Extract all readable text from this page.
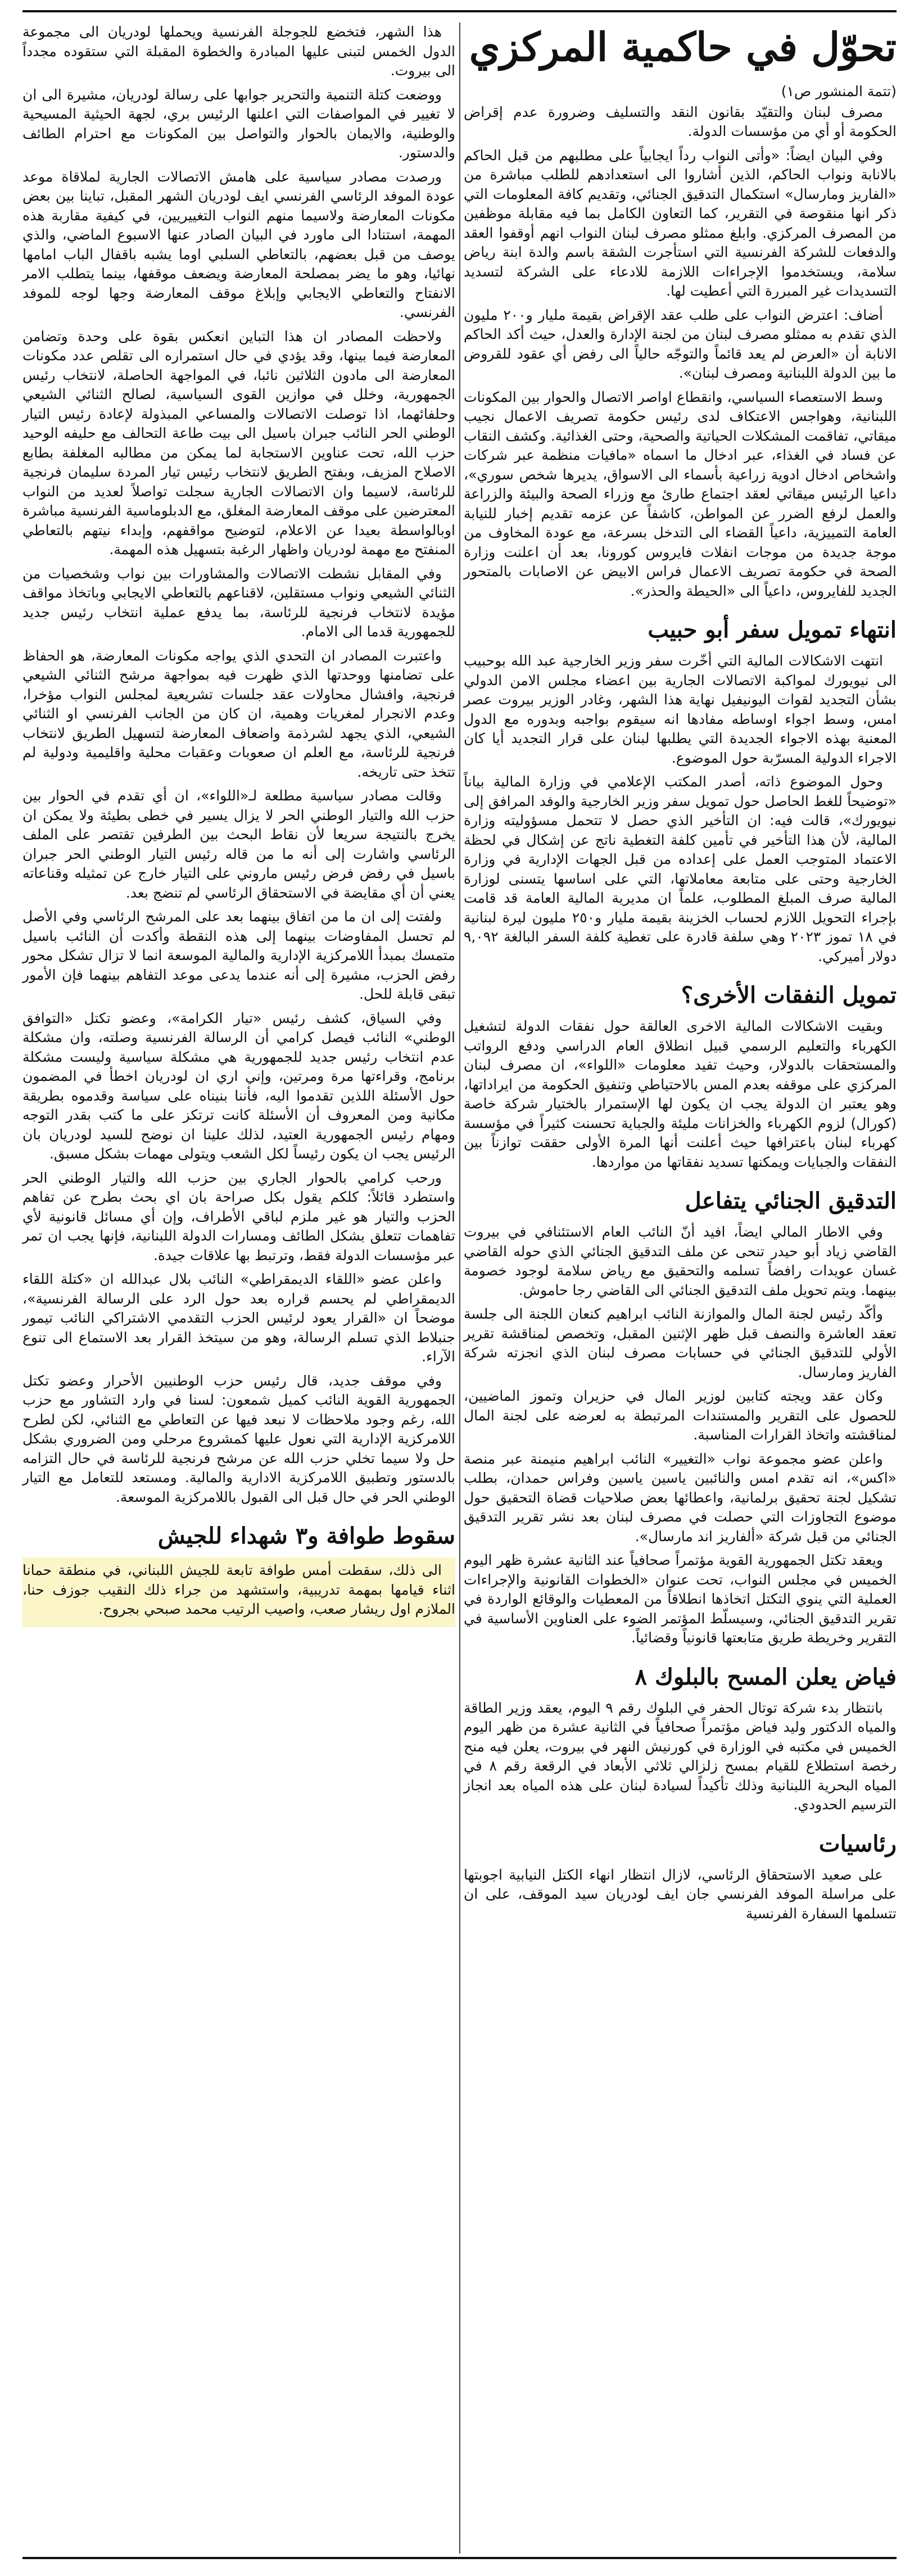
تحوّل في حاكمية المركزي
(تتمة المنشور ص١)

مصرف لبنان والتقيّد بقانون النقد والتسليف وضرورة عدم إقراض الحكومة أو أي من مؤسسات الدولة.

وفي البيان ايضاً: «وأتى النواب رداً ايجابياً على مطلبهم من قبل الحاكم بالانابة ونواب الحاكم، الذين أشاروا الى استعدادهم للطلب مباشرة من «الفاريز ومارسال» استكمال التدقيق الجنائي، وتقديم كافة المعلومات التي ذكر انها منقوصة في التقرير، كما التعاون الكامل بما فيه مقابلة موظفين من المصرف المركزي. وابلغ ممثلو مصرف لبنان النواب انهم أوقفوا العقد والدفعات للشركة الفرنسية التي استأجرت الشقة باسم والدة ابنة رياض سلامة، ويستخدموا الإجراءات اللازمة للادعاء على الشركة لتسديد التسديدات غير المبررة التي أعطيت لها.

أضاف: اعترض النواب على طلب عقد الإقراض بقيمة مليار و٢٠٠ مليون الذي تقدم به ممثلو مصرف لبنان من لجنة الإدارة والعدل، حيث أكد الحاكم الانابة أن «العرض لم يعد قائماً والتوجّه حالياً الى رفض أي عقود للقروض ما بين الدولة اللبنانية ومصرف لبنان».

وسط الاستعصاء السياسي، وانقطاع اواصر الاتصال والحوار بين المكونات اللبنانية، وهواجس الاعتكاف لدى رئيس حكومة تصريف الاعمال نجيب ميقاتي، تفاقمت المشكلات الحياتية والصحية، وحتى الغذائية. وكشف النقاب عن فساد في الغذاء، عبر ادخال ما اسماه «مافيات منظمة عبر شركات واشخاص ادخال ادوية زراعية بأسماء الى الاسواق، يديرها شخص سوري»، داعيا الرئيس ميقاتي لعقد اجتماع طارئ مع وزراء الصحة والبيئة والزراعة والعمل لرفع الضرر عن المواطن، كاشفاً عن عزمه تقديم إخبار للنيابة العامة التمييزية، داعياً القضاء الى التدخل بسرعة، مع عودة المخاوف من موجة جديدة من موجات انفلات فايروس كورونا، بعد أن اعلنت وزارة الصحة في حكومة تصريف الاعمال فراس الابيض عن الاصابات بالمتحور الجديد للفايروس، داعياً الى «الحيطة والحذر».

انتهاء تمويل سفر أبو حبيب

انتهت الاشكالات المالية التي أخّرت سفر وزير الخارجية عبد الله بوحبيب الى نيويورك لمواكبة الاتصالات الجارية بين اعضاء مجلس الامن الدولي بشأن التجديد لقوات اليونيفيل نهاية هذا الشهر، وغادر الوزير بيروت عصر امس، وسط اجواء اوساطه مفادها انه سيقوم بواجبه وبدوره مع الدول المعنية بهذه الاجواء الجديدة التي يطلبها لبنان على قرار التجديد أيا كان الاجراء الدولية المسرّبة حول الموضوع.

وحول الموضوع ذاته، أصدر المكتب الإعلامي في وزارة المالية بياناً «توضيحاً للغط الحاصل حول تمويل سفر وزير الخارجية والوفد المرافق إلى نيويورك»، قالت فيه: ان التأخير الذي حصل لا تتحمل مسؤوليته وزارة المالية، لأن هذا التأخير في تأمين كلفة التغطية ناتج عن إشكال في لحظة الاعتماد المتوجب العمل على إعداده من قبل الجهات الإدارية في وزارة الخارجية وحتى على متابعة معاملاتها، التي على اساسها يتسنى لوزارة المالية صرف المبلغ المطلوب، علماً ان مديرية المالية العامة قد قامت بإجراء التحويل اللازم لحساب الخزينة بقيمة مليار و٢٥٠ مليون ليرة لبنانية في ١٨ تموز ٢٠٢٣ وهي سلفة قادرة على تغطية كلفة السفر البالغة ٩,٠٩٢ دولار أميركي.

تمويل النفقات الأخرى؟

وبقيت الاشكالات المالية الاخرى العالقة حول نفقات الدولة لتشغيل الكهرباء والتعليم الرسمي قبيل انطلاق العام الدراسي ودفع الرواتب والمستحقات بالدولار، وحيث تفيد معلومات «اللواء»، ان مصرف لبنان المركزي على موقفه بعدم المس بالاحتياطي وتنفيق الحكومة من ايراداتها، وهو يعتبر ان الدولة يجب ان يكون لها الإستمرار بالختيار شركة خاصة (كورال) لزوم الكهرباء والخزانات مليئة والجباية تحسنت كثيراً في مؤسسة كهرباء لبنان باعترافها حيث أعلنت أنها المرة الأولى حققت توازناً بين النفقات والجبايات ويمكنها تسديد نفقاتها من مواردها.

التدقيق الجنائي يتفاعل

وفي الاطار المالي ايضاً، افيد أنّ النائب العام الاستئنافي في بيروت القاضي زياد أبو حيدر تنحى عن ملف التدقيق الجنائي الذي حوله القاضي غسان عويدات رافضاً تسلمه والتحقيق مع رياض سلامة لوجود خصومة بينهما. ويتم تحويل ملف التدقيق الجنائي الى القاضي رجا حاموش.

وأكّد رئيس لجنة المال والموازنة النائب ابراهيم كنعان اللجنة الى جلسة تعقد العاشرة والنصف قبل ظهر الإثنين المقبل، وتخصص لمناقشة تقرير الأولي للتدقيق الجنائي في حسابات مصرف لبنان الذي انجزته شركة الفاريز ومارسال.

وكان عقد ويجته كتابين لوزير المال في حزيران وتموز الماضيين، للحصول على التقرير والمستندات المرتبطة به لعرضه على لجنة المال لمناقشته واتخاذ القرارات المناسبة.

واعلن عضو مجموعة نواب «التغيير» النائب ابراهيم منيمنة عبر منصة «اكس»، انه تقدم امس والنائبين ياسين ياسين وفراس حمدان، بطلب تشكيل لجنة تحقيق برلمانية، واعطائها بعض صلاحيات قضاة التحقيق حول موضوع التجاوزات التي حصلت في مصرف لبنان بعد نشر تقرير التدقيق الجنائي من قبل شركة «ألفاريز اند مارسال».

ويعقد تكتل الجمهورية القوية مؤتمراً صحافياً عند الثانية عشرة ظهر اليوم الخميس في مجلس النواب، تحت عنوان «الخطوات القانونية والإجراءات العملية التي ينوي التكتل اتخاذها انطلاقاً من المعطيات والوقائع الواردة في تقرير التدقيق الجنائي، وسيسلّط المؤتمر الضوء على العناوين الأساسية في التقرير وخريطة طريق متابعتها قانونياً وقضائياً.

فياض يعلن المسح بالبلوك ٨

بانتظار بدء شركة توتال الحفر في البلوك رقم ٩ اليوم، يعقد وزير الطاقة والمياه الدكتور وليد فياض مؤتمراً صحافياً في الثانية عشرة من ظهر اليوم الخميس في مكتبه في الوزارة في كورنيش النهر في بيروت، يعلن فيه منح رخصة استطلاع للقيام بمسح زلزالي ثلاثي الأبعاد في الرقعة رقم ٨ في المياه البحرية اللبنانية وذلك تأكيداً لسيادة لبنان على هذه المياه بعد انجاز الترسيم الحدودي.

رئاسيات

على صعيد الاستحقاق الرئاسي، لازال انتظار انهاء الكتل النيابية اجوبتها على مراسلة الموفد الفرنسي جان ايف لودريان سيد الموقف، على ان تتسلمها السفارة الفرنسية

هذا الشهر، فتخضع للجوجلة الفرنسية ويحملها لودريان الى مجموعة الدول الخمس لتبنى عليها المبادرة والخطوة المقبلة التي ستقوده مجدداً الى بيروت.

ووضعت كتلة التنمية والتحرير جوابها على رسالة لودريان، مشيرة الى ان لا تغيير في المواصفات التي اعلنها الرئيس بري، لجهة الحيثية المسيحية والوطنية، والايمان بالحوار والتواصل بين المكونات مع احترام الطائف والدستور.

ورصدت مصادر سياسية على هامش الاتصالات الجارية لملاقاة موعد عودة الموفد الرئاسي الفرنسي ايف لودريان الشهر المقبل، تباينا بين بعض مكونات المعارضة ولاسيما منهم النواب التغييريين، في كيفية مقاربة هذه المهمة، استنادا الى ماورد في البيان الصادر عنها الاسبوع الماضي، والذي يوصف من قبل بعضهم، بالتعاطي السلبي اوما يشبه باقفال الباب امامها نهائيا، وهو ما يضر بمصلحة المعارضة ويضعف موقفها، بينما يتطلب الامر الانفتاح والتعاطي الايجابي وإبلاغ موقف المعارضة وجها لوجه للموفد الفرنسي.

ولاحظت المصادر ان هذا التباين انعكس بقوة على وحدة وتضامن المعارضة فيما بينها، وقد يؤدي في حال استمراره الى تقلص عدد مكونات المعارضة الى مادون الثلاثين نائبا، في المواجهة الحاصلة، لانتخاب رئيس الجمهورية، وخلل في موازين القوى السياسية، لصالح الثنائي الشيعي وحلفائهما، اذا توصلت الاتصالات والمساعي المبذولة لإعادة رئيس التيار الوطني الحر النائب جبران باسيل الى بيت طاعة التحالف مع حليفه الوحيد حزب الله، تحت عناوين الاستجابة لما يمكن من مطالبه المغلفة بطابع الاصلاح المزيف، وبفتح الطريق لانتخاب رئيس تيار المردة سليمان فرنجية للرئاسة، لاسيما وان الاتصالات الجارية سجلت تواصلاً لعديد من النواب المعترضين على موقف المعارضة المغلق، مع الدبلوماسية الفرنسية مباشرة اوبالواسطة بعيدا عن الاعلام، لتوضيح مواقفهم، وإبداء نيتهم بالتعاطي المنفتح مع مهمة لودريان واظهار الرغبة بتسهيل هذه المهمة.

وفي المقابل نشطت الاتصالات والمشاورات بين نواب وشخصيات من الثنائي الشيعي ونواب مستقلين، لاقناعهم بالتعاطي الايجابي وباتخاذ مواقف مؤيدة لانتخاب فرنجية للرئاسة، بما يدفع عملية انتخاب رئيس جديد للجمهورية قدما الى الامام.

واعتبرت المصادر ان التحدي الذي يواجه مكونات المعارضة، هو الحفاظ على تضامنها ووحدتها الذي ظهرت فيه بمواجهة مرشح الثنائي الشيعي فرنجية، وافشال محاولات عقد جلسات تشريعية لمجلس النواب مؤخرا، وعدم الانجرار لمغريات وهمية، ان كان من الجانب الفرنسي او الثنائي الشيعي، الذي يجهد لشرذمة واضعاف المعارضة لتسهيل الطريق لانتخاب فرنجية للرئاسة، مع العلم ان صعوبات وعقبات محلية واقليمية ودولية لم تتخذ حتى تاريخه.

وقالت مصادر سياسية مطلعة لـ«اللواء»، ان أي تقدم في الحوار بين حزب الله والتيار الوطني الحر لا يزال يسير في خطى بطيئة ولا يمكن ان يخرج بالنتيجة سريعا لأن نقاط البحث بين الطرفين تقتصر على الملف الرئاسي واشارت إلى أنه ما من قاله رئيس التيار الوطني الحر جبران باسيل في رفض فرض رئيس ماروني على التيار خارج عن تمثيله وقناعاته يعني أن أي مقايضة في الاستحقاق الرئاسي لم تنضج بعد.

ولفتت إلى ان ما من اتفاق بينهما بعد على المرشح الرئاسي وفي الأصل لم تحسل المفاوضات بينهما إلى هذه النقطة وأكدت أن النائب باسيل متمسك بمبدأ اللامركزية الإدارية والمالية الموسعة انما لا تزال تشكل محور رفض الحزب، مشيرة إلى أنه عندما يدعى موعد التفاهم بينهما فإن الأمور تبقى قابلة للحل.

وفي السياق، كشف رئيس «تيار الكرامة»، وعضو تكتل «التوافق الوطني» النائب فيصل كرامي أن الرسالة الفرنسية وصلته، وان مشكلة عدم انتخاب رئيس جديد للجمهورية هي مشكلة سياسية وليست مشكلة برنامج، وقراءتها مرة ومرتين، وإني اري ان لودريان اخطأ في المضمون حول الأسئلة اللذين تقدموا اليه، فأننا بنيناه على سياسة وقدموه بطريقة مكانية ومن المعروف أن الأسئلة كانت ترتكز على ما كتب بقدر التوجه ومهام رئيس الجمهورية العتيد، لذلك علينا ان نوضح للسيد لودريان بان الرئيس يجب ان يكون رئيساً لكل الشعب ويتولى مهمات بشكل مسبق.

ورحب كرامي بالحوار الجاري بين حزب الله والتيار الوطني الحر واستطرد قائلاً: كلكم يقول بكل صراحة بان اي بحث بطرح عن تفاهم الحزب والتيار هو غير ملزم لباقي الأطراف، وإن أي مسائل قانونية لأي تفاهمات تتعلق بشكل الطائف ومسارات الدولة اللبنانية، فإنها يجب ان تمر عبر مؤسسات الدولة فقط، وترتبط بها علاقات جيدة.

واعلن عضو «اللقاء الديمقراطي» النائب بلال عبدالله ان «كتلة اللقاء الديمقراطي لم يحسم قراره بعد حول الرد على الرسالة الفرنسية»، موضحاً ان «القرار يعود لرئيس الحزب التقدمي الاشتراكي النائب تيمور جنبلاط الذي تسلم الرسالة، وهو من سيتخذ القرار بعد الاستماع الى تنوع الآراء.

وفي موقف جديد، قال رئيس حزب الوطنيين الأحرار وعضو تكتل الجمهورية القوية النائب كميل شمعون: لسنا في وارد التشاور مع حزب الله، رغم وجود ملاحظات لا نبعد فيها عن التعاطي مع الثنائي، لكن لطرح اللامركزية الإدارية التي نعول عليها كمشروع مرحلي ومن الضروري بشكل حل ولا سيما تخلي حزب الله عن مرشح فرنجية للرئاسة في حال التزامه بالدستور وتطبيق اللامركزية الادارية والمالية. ومستعد للتعامل مع التيار الوطني الحر في حال قبل الى القبول باللامركزية الموسعة.

سقوط طوافة و٣ شهداء للجيش

الى ذلك، سقطت أمس طوافة تابعة للجيش اللبناني، في منطقة حمانا اثناء قيامها بمهمة تدريبية، واستشهد من جراء ذلك النقيب جوزف حنا، الملازم اول ريشار صعب، واصيب الرتيب محمد صبحي بجروح.
